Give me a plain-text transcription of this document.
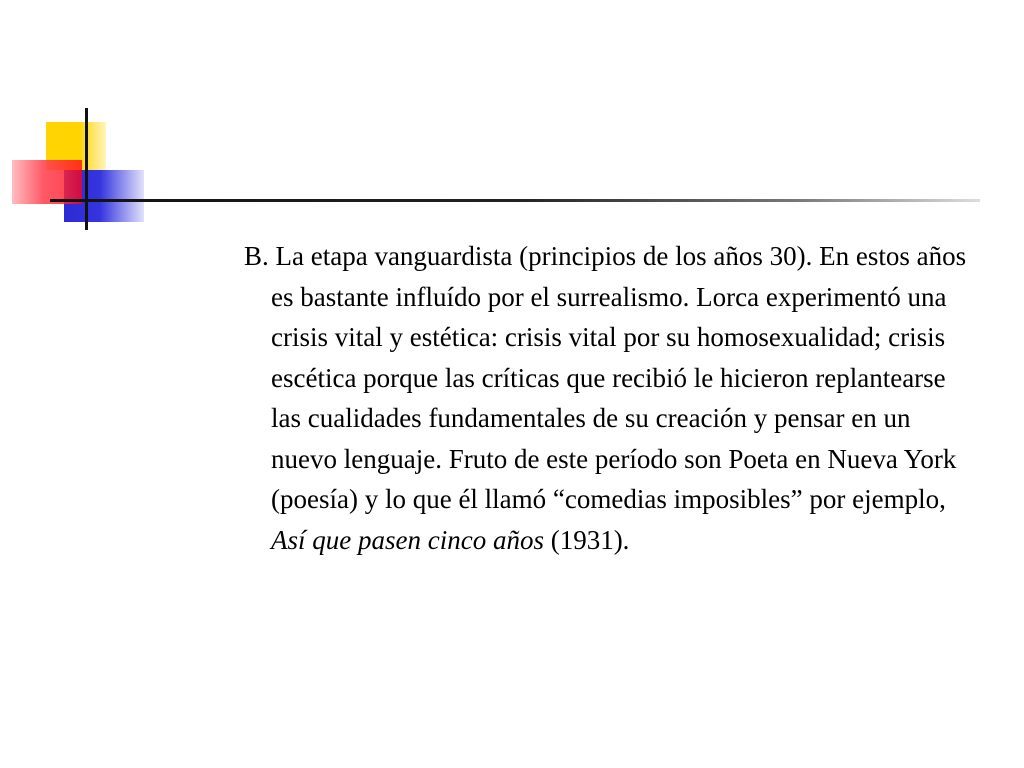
B. La etapa vanguardista (principios de los años 30). En estos años es bastante influído por el surrealismo. Lorca experimentó una crisis vital y estética: crisis vital por su homosexualidad; crisis escética porque las críticas que recibió le hicieron replantearse las cualidades fundamentales de su creación y pensar en un nuevo lenguaje. Fruto de este período son Poeta en Nueva York (poesía) y lo que él llamó “comedias imposibles” por ejemplo, Así que pasen cinco años (1931).
